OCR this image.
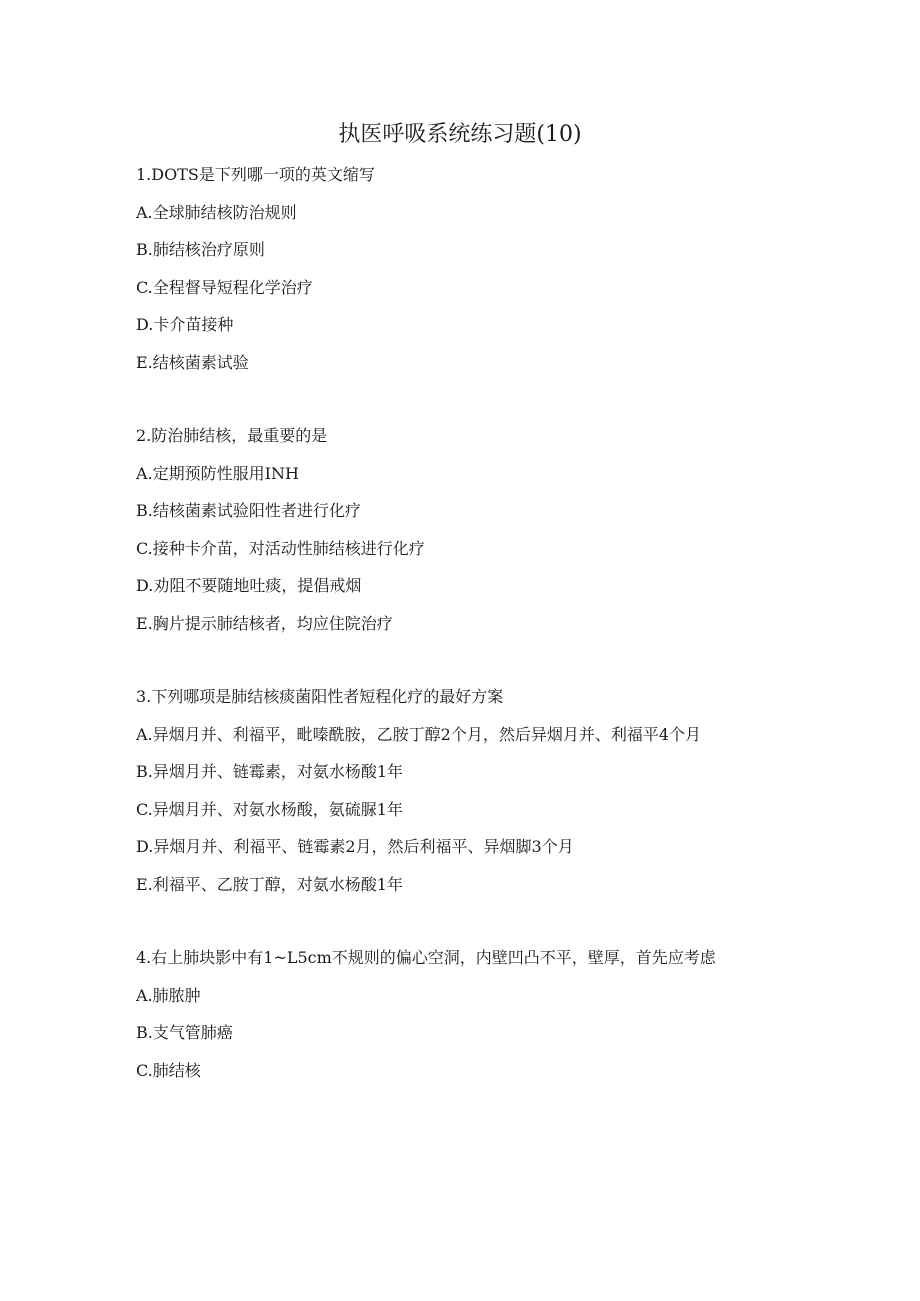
执医呼吸系统练习题(10)

1.DOTS是下列哪一项的英文缩写

A.全球肺结核防治规则

B.肺结核治疗原则

C.全程督导短程化学治疗

D.卡介苗接种

E.结核菌素试验

2.防治肺结核，最重要的是

A.定期预防性服用INH

B.结核菌素试验阳性者进行化疗

C.接种卡介苗，对活动性肺结核进行化疗

D.劝阻不要随地吐痰，提倡戒烟

E.胸片提示肺结核者，均应住院治疗

3.下列哪项是肺结核痰菌阳性者短程化疗的最好方案

A.异烟月并、利福平，毗嗪酰胺，乙胺丁醇2个月，然后异烟月并、利福平4个月

B.异烟月并、链霉素，对氨水杨酸1年

C.异烟月并、对氨水杨酸，氨硫脲1年

D.异烟月并、利福平、链霉素2月，然后利福平、异烟脚3个月

E.利福平、乙胺丁醇，对氨水杨酸1年

4.右上肺块影中有1~L5cm不规则的偏心空洞，内壁凹凸不平，壁厚，首先应考虑

A.肺脓肿

B.支气管肺癌

C.肺结核
